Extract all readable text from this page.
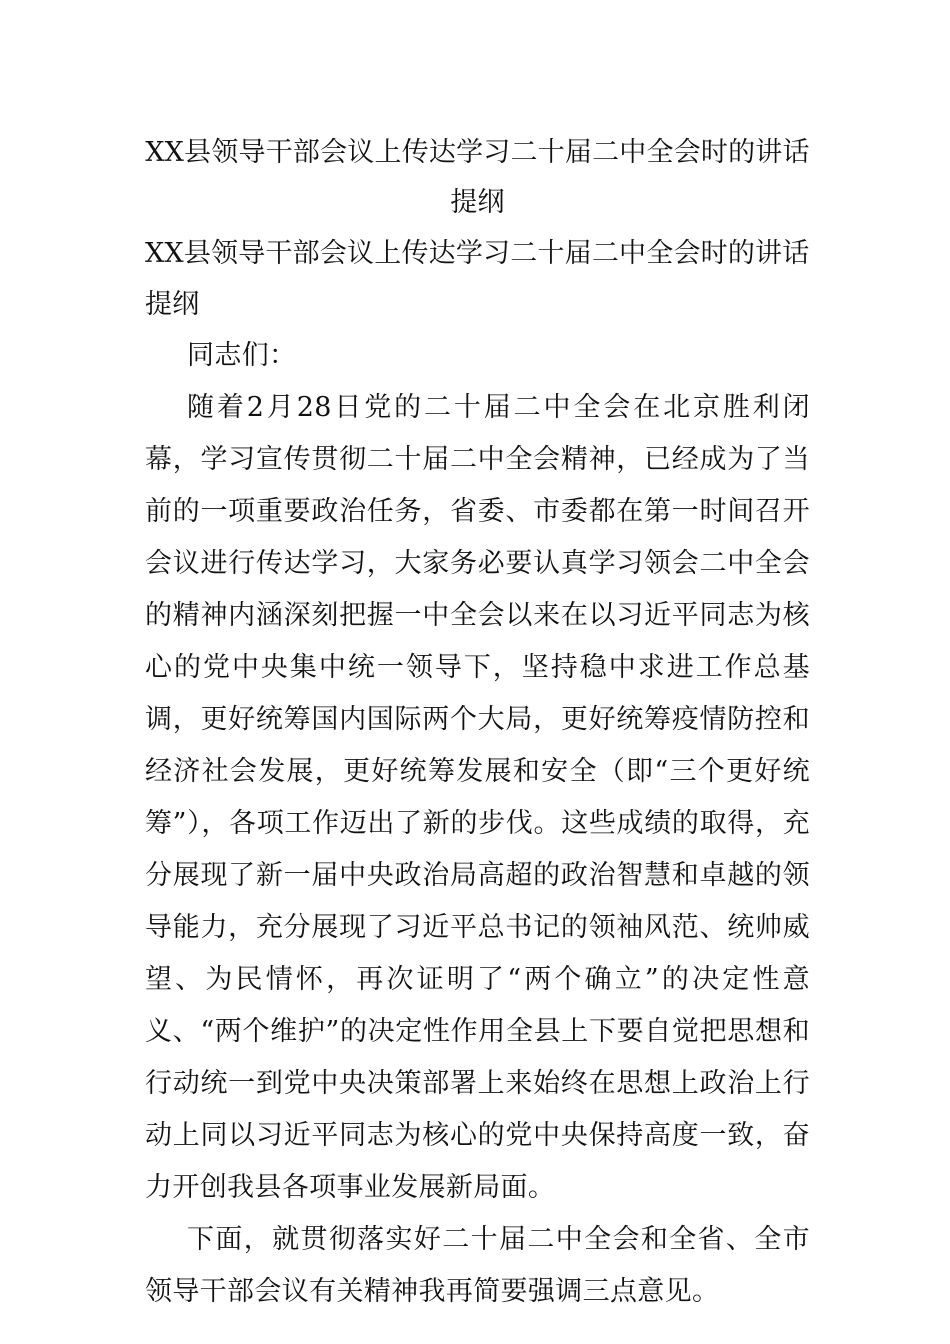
XX县领导干部会议上传达学习二十届二中全会时的讲话提纲

XX县领导干部会议上传达学习二十届二中全会时的讲话提纲

同志们：

随着2月28日党的二十届二中全会在北京胜利闭幕，学习宣传贯彻二十届二中全会精神，已经成为了当前的一项重要政治任务，省委、市委都在第一时间召开会议进行传达学习，大家务必要认真学习领会二中全会的精神内涵深刻把握一中全会以来在以习近平同志为核心的党中央集中统一领导下，坚持稳中求进工作总基调，更好统筹国内国际两个大局，更好统筹疫情防控和经济社会发展，更好统筹发展和安全（即“三个更好统筹”），各项工作迈出了新的步伐。这些成绩的取得，充分展现了新一届中央政治局高超的政治智慧和卓越的领导能力，充分展现了习近平总书记的领袖风范、统帅威望、为民情怀，再次证明了“两个确立”的决定性意义、“两个维护”的决定性作用全县上下要自觉把思想和行动统一到党中央决策部署上来始终在思想上政治上行动上同以习近平同志为核心的党中央保持高度一致，奋力开创我县各项事业发展新局面。

下面，就贯彻落实好二十届二中全会和全省、全市领导干部会议有关精神我再简要强调三点意见。
